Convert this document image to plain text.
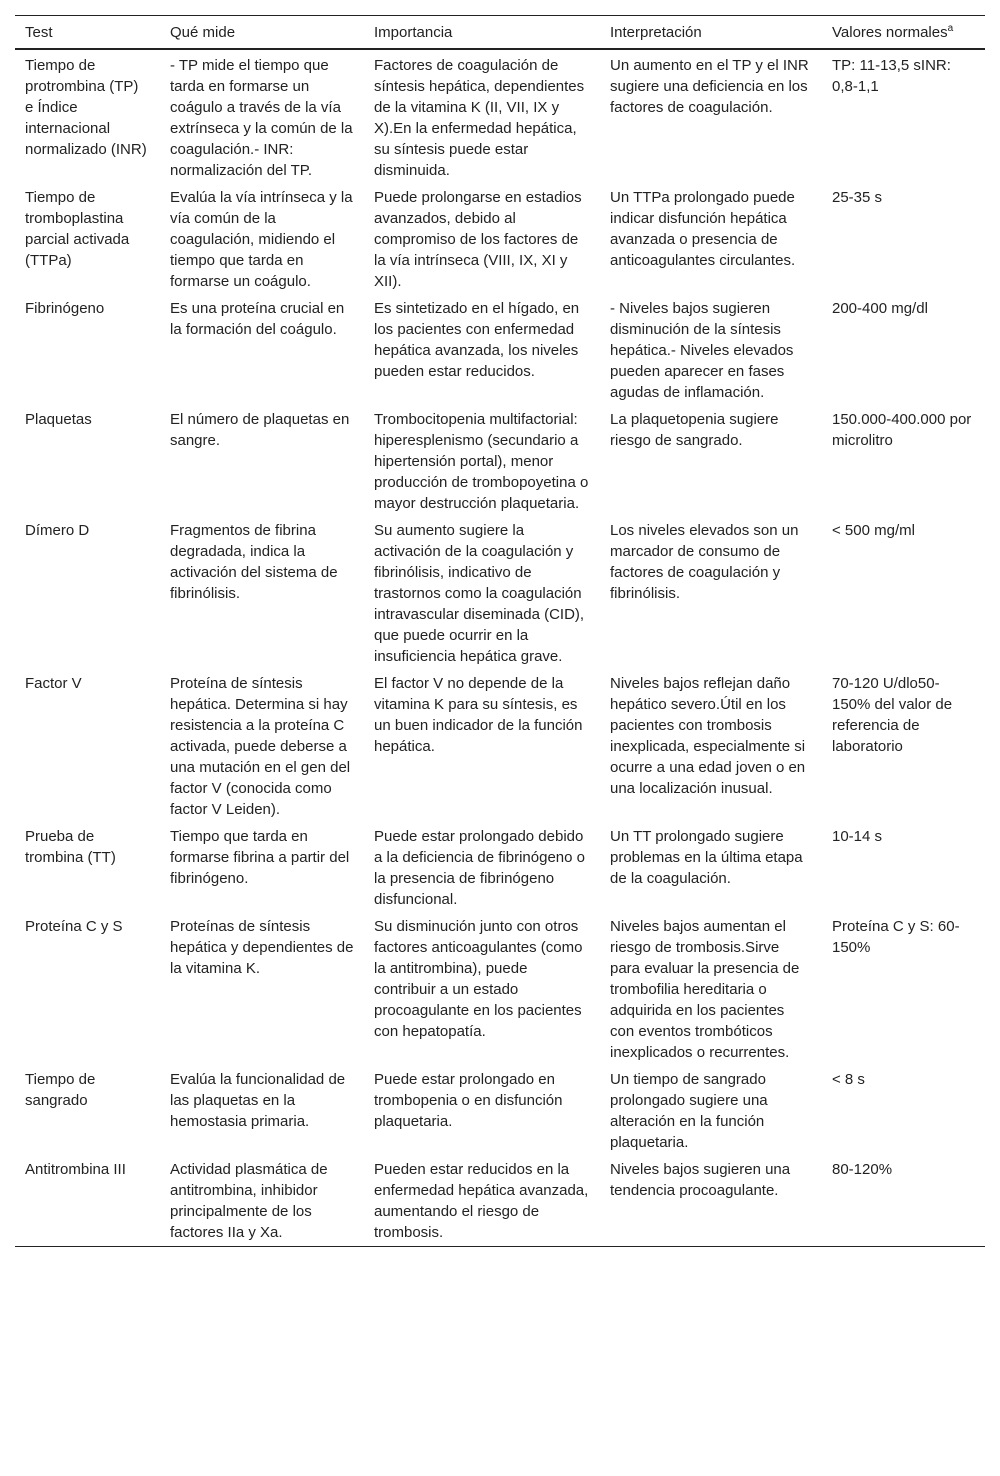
Test	Qué mide	Importancia	Interpretación	Valores normales$^a$
Tiempo de protrombina (TP) e Índice internacional normalizado (INR)	- TP mide el tiempo que tarda en formarse un coágulo a través de la vía extrínseca y la común de la coagulación.- INR: normalización del TP.	Factores de coagulación de síntesis hepática, dependientes de la vitamina K (II, VII, IX y X).En la enfermedad hepática, su síntesis puede estar disminuida.	Un aumento en el TP y el INR sugiere una deficiencia en los factores de coagulación.	TP: 11-13,5 sINR: 0,8-1,1
Tiempo de tromboplastina parcial activada (TTPa)	Evalúa la vía intrínseca y la vía común de la coagulación, midiendo el tiempo que tarda en formarse un coágulo.	Puede prolongarse en estadios avanzados, debido al compromiso de los factores de la vía intrínseca (VIII, IX, XI y XII).	Un TTPa prolongado puede indicar disfunción hepática avanzada o presencia de anticoagulantes circulantes.	25-35 s
Fibrinógeno	Es una proteína crucial en la formación del coágulo.	Es sintetizado en el hígado, en los pacientes con enfermedad hepática avanzada, los niveles pueden estar reducidos.	- Niveles bajos sugieren disminución de la síntesis hepática.- Niveles elevados pueden aparecer en fases agudas de inflamación.	200-400 mg/dl
Plaquetas	El número de plaquetas en sangre.	Trombocitopenia multifactorial: hiperesplenismo (secundario a hipertensión portal), menor producción de trombopoyetina o mayor destrucción plaquetaria.	La plaquetopenia sugiere riesgo de sangrado.	150.000-400.000 por microlitro
Dímero D	Fragmentos de fibrina degradada, indica la activación del sistema de fibrinólisis.	Su aumento sugiere la activación de la coagulación y fibrinólisis, indicativo de trastornos como la coagulación intravascular diseminada (CID), que puede ocurrir en la insuficiencia hepática grave.	Los niveles elevados son un marcador de consumo de factores de coagulación y fibrinólisis.	< 500 mg/ml
Factor V	Proteína de síntesis hepática. Determina si hay resistencia a la proteína C activada, puede deberse a una mutación en el gen del factor V (conocida como factor V Leiden).	El factor V no depende de la vitamina K para su síntesis, es un buen indicador de la función hepática.	Niveles bajos reflejan daño hepático severo.Útil en los pacientes con trombosis inexplicada, especialmente si ocurre a una edad joven o en una localización inusual.	70-120 U/dlo50-150% del valor de referencia de laboratorio
Prueba de trombina (TT)	Tiempo que tarda en formarse fibrina a partir del fibrinógeno.	Puede estar prolongado debido a la deficiencia de fibrinógeno o la presencia de fibrinógeno disfuncional.	Un TT prolongado sugiere problemas en la última etapa de la coagulación.	10-14 s
Proteína C y S	Proteínas de síntesis hepática y dependientes de la vitamina K.	Su disminución junto con otros factores anticoagulantes (como la antitrombina), puede contribuir a un estado procoagulante en los pacientes con hepatopatía.	Niveles bajos aumentan el riesgo de trombosis.Sirve para evaluar la presencia de trombofilia hereditaria o adquirida en los pacientes con eventos trombóticos inexplicados o recurrentes.	Proteína C y S: 60-150%
Tiempo de sangrado	Evalúa la funcionalidad de las plaquetas en la hemostasia primaria.	Puede estar prolongado en trombopenia o en disfunción plaquetaria.	Un tiempo de sangrado prolongado sugiere una alteración en la función plaquetaria.	< 8 s
Antitrombina III	Actividad plasmática de antitrombina, inhibidor principalmente de los factores IIa y Xa.	Pueden estar reducidos en la enfermedad hepática avanzada, aumentando el riesgo de trombosis.	Niveles bajos sugieren una tendencia procoagulante.	80-120%
